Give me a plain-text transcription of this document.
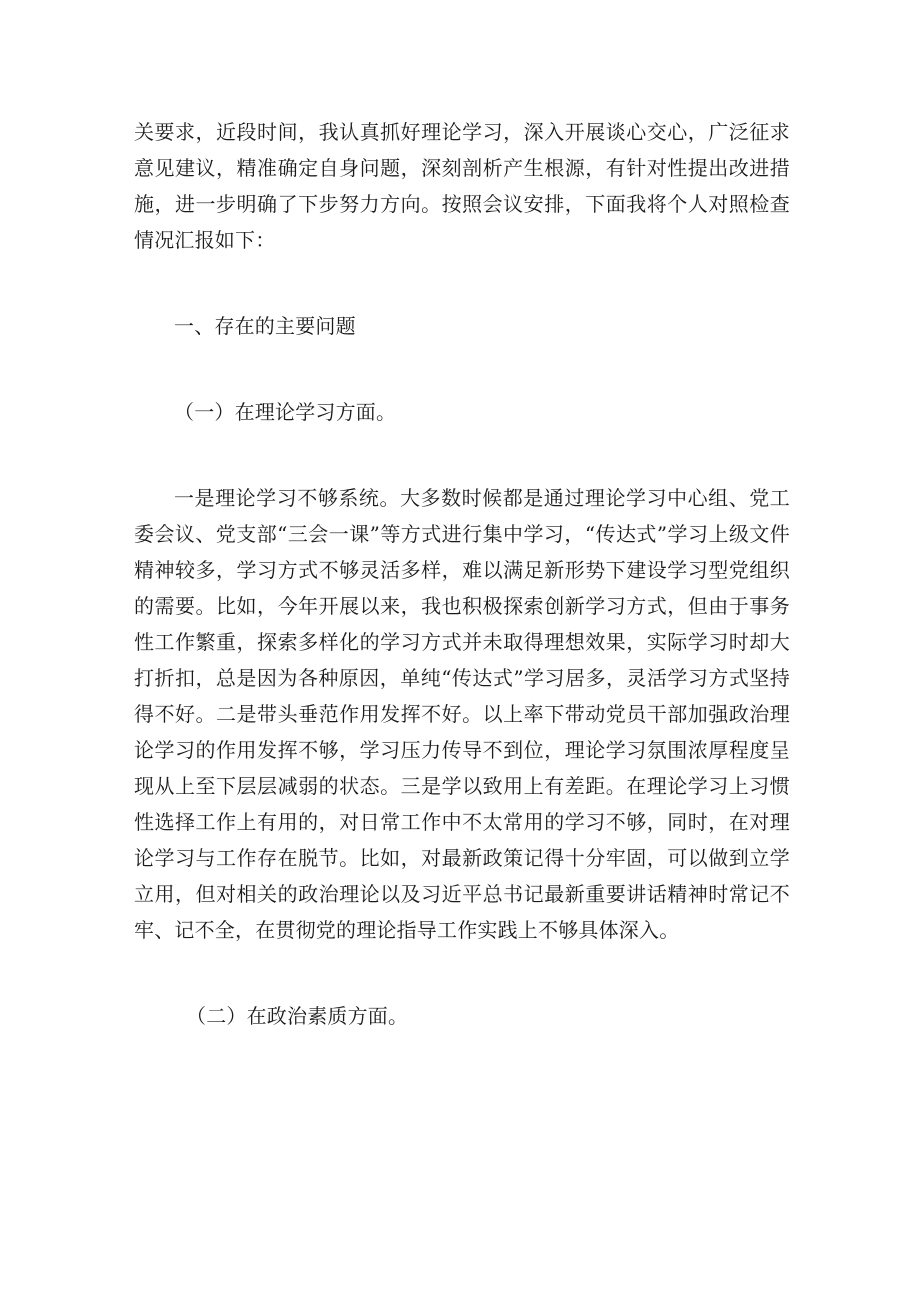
关要求，近段时间，我认真抓好理论学习，深入开展谈心交心，广泛征求意见建议，精准确定自身问题，深刻剖析产生根源，有针对性提出改进措施，进一步明确了下步努力方向。按照会议安排，下面我将个人对照检查情况汇报如下：

一、存在的主要问题

（一）在理论学习方面。

一是理论学习不够系统。大多数时候都是通过理论学习中心组、党工委会议、党支部“三会一课”等方式进行集中学习，“传达式”学习上级文件精神较多，学习方式不够灵活多样，难以满足新形势下建设学习型党组织的需要。比如，今年开展以来，我也积极探索创新学习方式，但由于事务性工作繁重，探索多样化的学习方式并未取得理想效果，实际学习时却大打折扣，总是因为各种原因，单纯“传达式”学习居多，灵活学习方式坚持得不好。二是带头垂范作用发挥不好。以上率下带动党员干部加强政治理论学习的作用发挥不够，学习压力传导不到位，理论学习氛围浓厚程度呈现从上至下层层减弱的状态。三是学以致用上有差距。在理论学习上习惯性选择工作上有用的，对日常工作中不太常用的学习不够，同时，在对理论学习与工作存在脱节。比如，对最新政策记得十分牢固，可以做到立学立用，但对相关的政治理论以及习近平总书记最新重要讲话精神时常记不牢、记不全，在贯彻党的理论指导工作实践上不够具体深入。

（二）在政治素质方面。
